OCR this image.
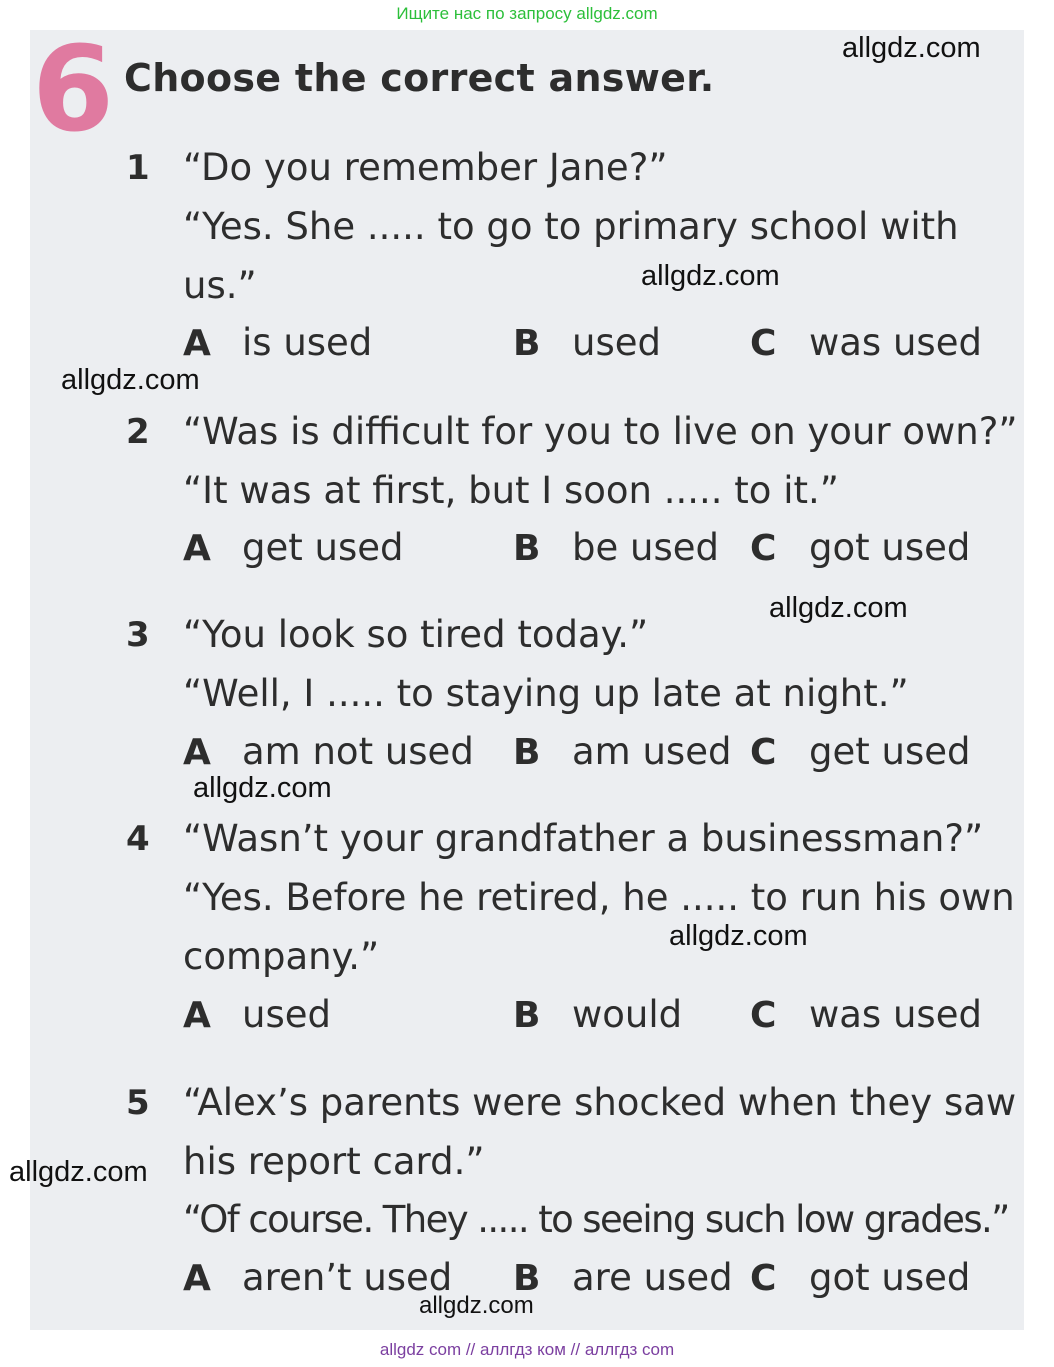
Ищите нас по запросу allgdz.com
6 Choose the correct answer.
1 “Do you remember Jane?”
“Yes. She ..... to go to primary school with
us.”
A is used	B used C was used
2 “Was is difficult for you to live on your own?”
“It was at first, but I soon ..... to it.”
A get used	B be used C got used
3 “You look so tired today.”
“Well, I ..... to staying up late at night.”
A am not used B am used C get used
4 “Wasn’t your grandfather a businessman?”
“Yes. Before he retired, he ..... to run his own
company.”
A used	B would C was used
5 “Alex’s parents were shocked when they saw
his report card.”
“Of course. They ..... to seeing such low grades.”
A aren’t used B are used C got used
allgdz.com
allgdz.com
allgdz.com
allgdz.com
allgdz.com
allgdz.com
allgdz.com
allgdz.com
allgdz com // аллгдз ком // аллгдз com
